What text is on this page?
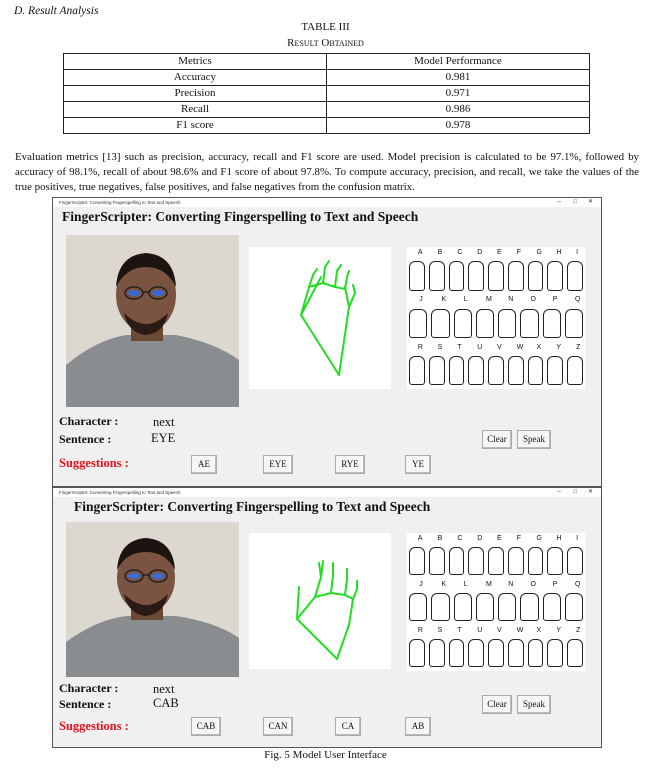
D. Result Analysis
TABLE III
Result Obtained
Metrics	Model Performance
Accuracy	0.981
Precision	0.971
Recall	0.986
F1 score	0.978
Evaluation metrics [13] such as precision, accuracy, recall and F1 score are used. Model precision is calculated to be 97.1%, followed by accuracy of 98.1%, recall of about 98.6% and F1 score of about 97.8%. To compute accuracy, precision, and recall, we take the values of the true positives, true negatives, false positives, and false negatives from the confusion matrix.
FingerScripter: Converting Fingerspelling to Text and Speech	– □ ✕
FingerScripter: Converting Fingerspelling to Text and Speech
A B C D E F G H I
J	K	L	M N O P	Q
R S T U V W X Y Z
Character :	next
Sentence :	EYE	Clear	Speak
Suggestions :	AE	EYE	RYE	YE
FingerScripter: Converting Fingerspelling to Text and Speech	– □ ✕
FingerScripter: Converting Fingerspelling to Text and Speech
A B C D E F G H I
J	K	L	M N O P	Q
R S T U V W X Y Z
Character :	next
Sentence :	CAB	Clear	Speak
Suggestions :	CAB	CAN	CA	AB
Fig. 5 Model User Interface
